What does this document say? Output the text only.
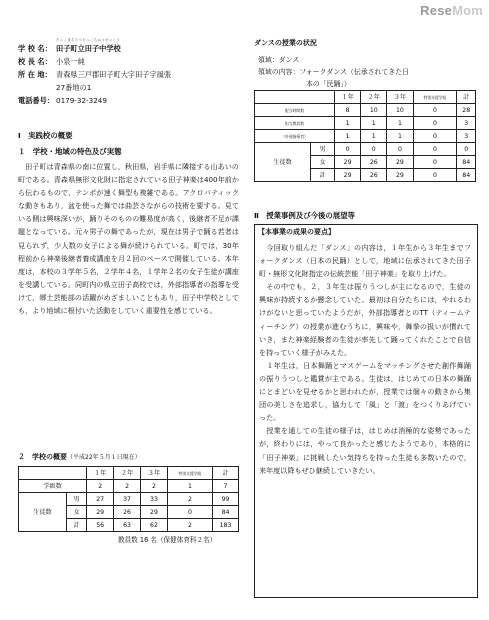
ReseMom
たっこまちりつたっこちゅうがっこう
学 校 名： 田子町立田子中学校
校 長 名： 小泉一純
所 在 地： 青森県三戸郡田子町大字田子字風張
27番地の1
電話番号： 0179-32-3249
Ⅰ　実践校の概要
１　学校・地域の特色及び実態
　田子町は青森県の南に位置し，秋田県，岩手県に隣接する山あいの町である。青森県無形文化財に指定されている田子神楽は400年前から伝わるもので，テンポが速く舞型も複雑である。アクロバティックな動きもあり，盆を使った舞では曲芸さながらの技術を要する。見ている側は興味深いが，踊りそのものの難易度が高く，後継者不足が課題となっている。元々男子の舞であったが，現在は男子で踊る若者は見られず，少人数の女子による舞が続けられている。町では，30年程前から神楽後継者養成講座を月２回のペースで開催している。本年度は，本校の３学年５名，２学年４名，１学年２名の女子生徒が講座を受講している。同町内の県立田子高校では，外部指導者の指導を受けて，郷土芸能部の活躍がめざましいこともあり，田子中学校としても，より地域に根付いた活動をしていく重要性を感じている。
２　学校の概要（平成22年５月１日現在）
		１年	２年	３年	特別支援学級	計
学級数		2	2	2	1	7
生徒数	男	27	37	33	2	99
	女	29	26	29	0	84
	計	56	63	62	2	183
教員数 16 名（保健体育科２名）
ダンスの授業の状況
領域：ダンス
領域の内容：フォークダンス（伝承されてきた日
本の「民踊」）
		１年	２年	３年	特別支援学級	計
配当時間数		8	10	10	0	28
担当教員数		1	1	1	0	3
（外部指導者）		1	1	1	0	3
生徒数	男	0	0	0	0	0
	女	29	26	29	0	84
	計	29	26	29	0	84
Ⅱ　授業事例及び今後の展望等
【本事業の成果の要点】
　今回取り組んだ「ダンス」の内容は，１年生から３年生までフォークダンス（日本の民踊）として，地域に伝承されてきた田子町・無形文化財指定の伝統芸能「田子神楽」を取り上げた。
　その中でも，２，３年生は振りうつしが主になるので，生徒の興味が持続するか懸念していた。最初は自分たちには，やれるわけがないと思っていたようだが，外部指導者とのTT（ティームティーチング）の授業が進むうちに，興味や，舞拳の扱いが慣れていき，また神楽経験者の生徒が率先して踊ってくれたことで自信を持っていく様子がみえた。
　１年生は，日本舞踊とマスゲームをマッチングさせた創作舞踊の振りうつしと鑑賞が主である。生徒は，はじめての日本の舞踊にとまどいを見せるかと思われたが，授業では個々の動きから集団の美しさを追求し，協力して「風」と「渡」をつくりあげていった。
　授業を通しての生徒の様子は，はじめは消極的な姿勢であったが，終わりには，やって良かったと感じたようであり，本格的に「田子神楽」に挑戦したい気持ちを持った生徒も多数いたので，来年度以降もぜひ継続していきたい。
